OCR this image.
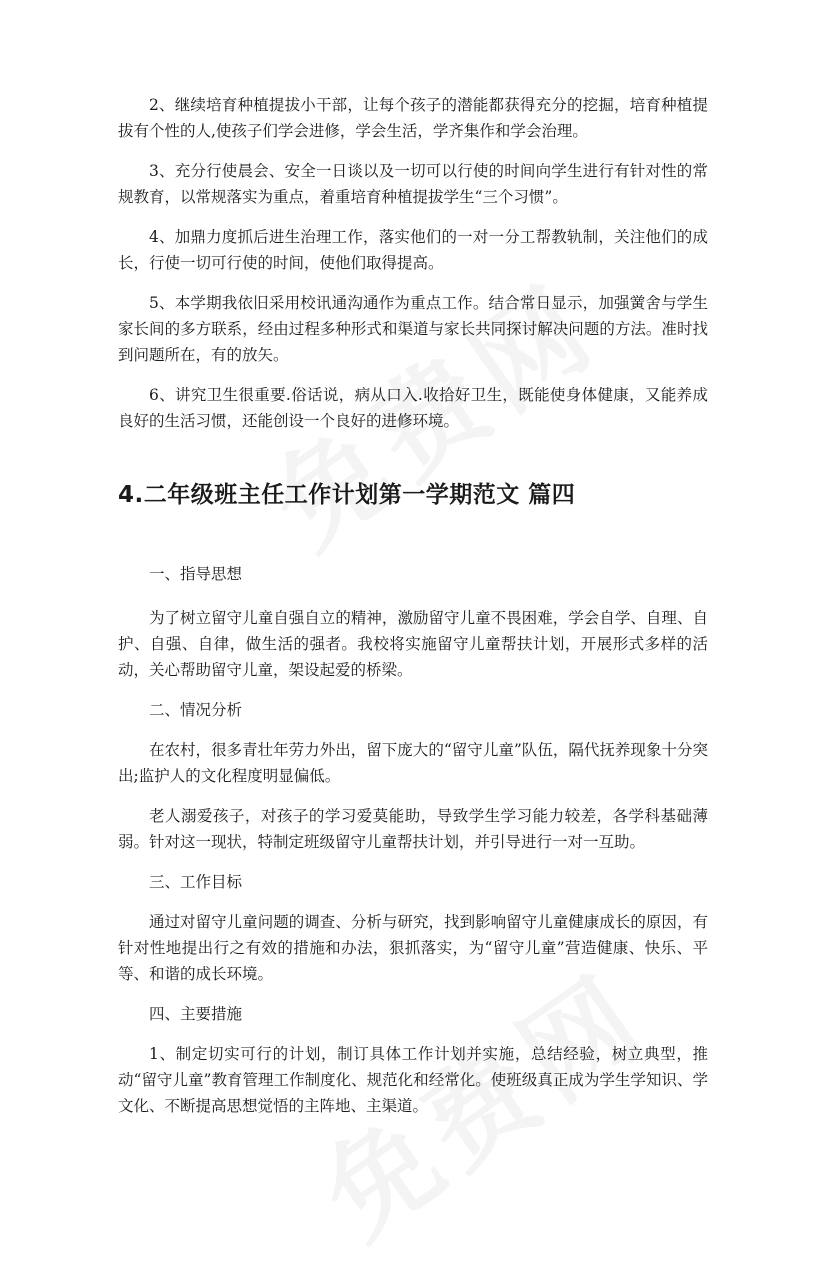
2、继续培育种植提拔小干部，让每个孩子的潜能都获得充分的挖掘，培育种植提拔有个性的人,使孩子们学会进修，学会生活，学齐集作和学会治理。

3、充分行使晨会、安全一日谈以及一切可以行使的时间向学生进行有针对性的常规教育，以常规落实为重点，着重培育种植提拔学生“三个习惯”。

4、加鼎力度抓后进生治理工作，落实他们的一对一分工帮教轨制，关注他们的成长，行使一切可行使的时间，使他们取得提高。

5、本学期我依旧采用校讯通沟通作为重点工作。结合常日显示，加强黉舍与学生家长间的多方联系，经由过程多种形式和渠道与家长共同探讨解决问题的方法。准时找到问题所在，有的放矢。

6、讲究卫生很重要.俗话说，病从口入.收拾好卫生，既能使身体健康，又能养成良好的生活习惯，还能创设一个良好的进修环境。

4.二年级班主任工作计划第一学期范文 篇四

一、指导思想

为了树立留守儿童自强自立的精神，激励留守儿童不畏困难，学会自学、自理、自护、自强、自律，做生活的强者。我校将实施留守儿童帮扶计划，开展形式多样的活动，关心帮助留守儿童，架设起爱的桥梁。

二、情况分析

在农村，很多青壮年劳力外出，留下庞大的“留守儿童”队伍，隔代抚养现象十分突出;监护人的文化程度明显偏低。

老人溺爱孩子，对孩子的学习爱莫能助，导致学生学习能力较差，各学科基础薄弱。针对这一现状，特制定班级留守儿童帮扶计划，并引导进行一对一互助。

三、工作目标

通过对留守儿童问题的调查、分析与研究，找到影响留守儿童健康成长的原因，有针对性地提出行之有效的措施和办法，狠抓落实，为“留守儿童”营造健康、快乐、平等、和谐的成长环境。

四、主要措施

1、制定切实可行的计划，制订具体工作计划并实施，总结经验，树立典型，推动“留守儿童”教育管理工作制度化、规范化和经常化。使班级真正成为学生学知识、学文化、不断提高思想觉悟的主阵地、主渠道。
